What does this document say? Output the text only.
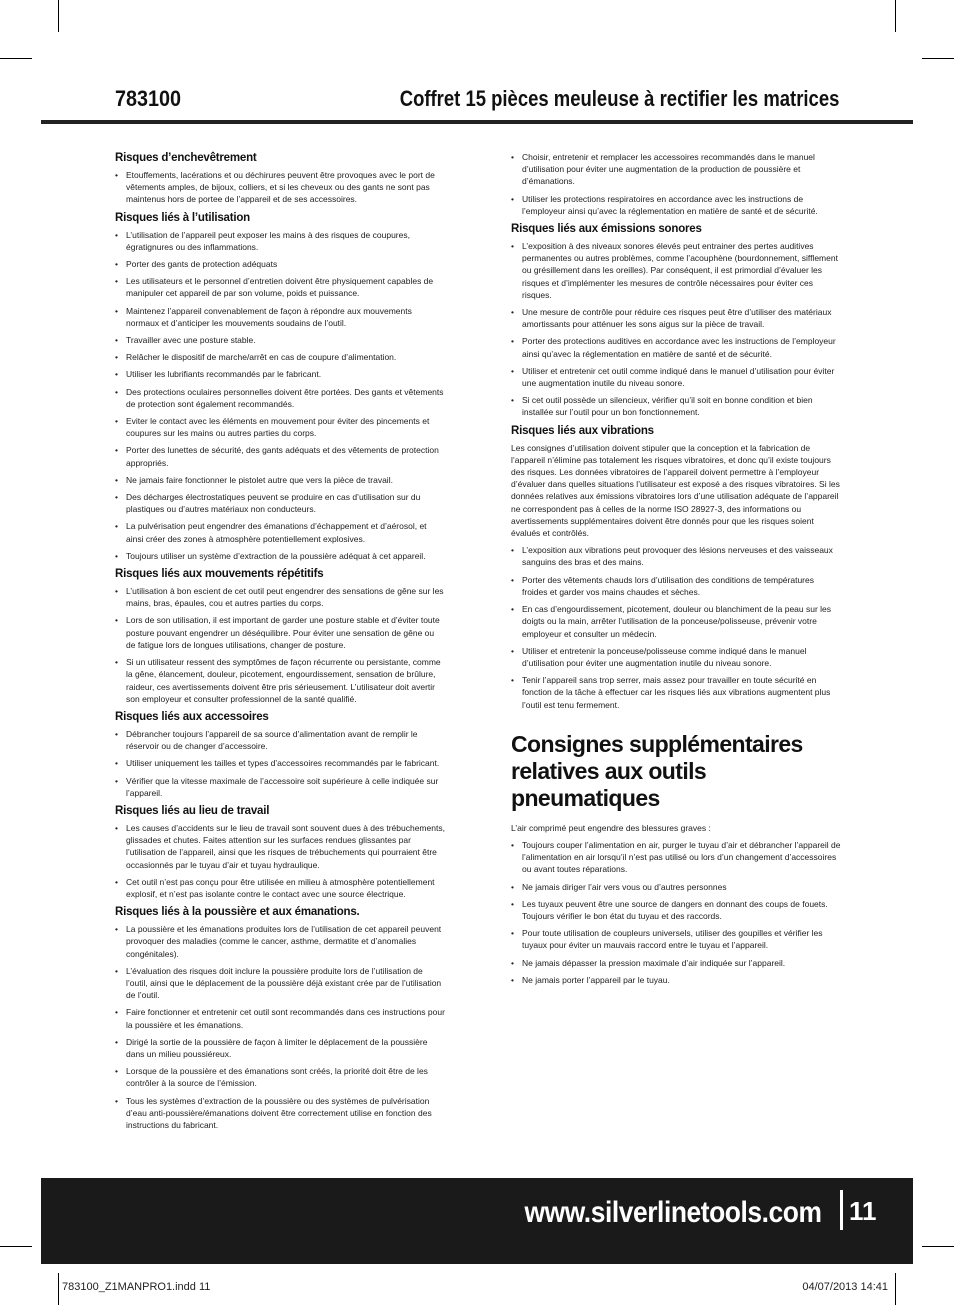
783100	Coffret 15 pièces meuleuse à rectifier les matrices
Risques d’enchevêtrement
• Etouffements, lacérations et ou déchirures peuvent être provoques avec le port de vêtements amples, de bijoux, colliers, et si les cheveux ou des gants ne sont pas maintenus hors de portee de l’appareil et de ses accessoires.
Risques liés à l’utilisation
• L’utilisation de l’appareil peut exposer les mains à des risques de coupures, égratignures ou des inflammations.
• Porter des gants de protection adéquats
• Les utilisateurs et le personnel d’entretien doivent être physiquement capables de manipuler cet appareil de par son volume, poids et puissance.
• Maintenez l’appareil convenablement de façon à répondre aux mouvements normaux et d’anticiper les mouvements soudains de l’outil.
• Travailler avec une posture stable.
• Relâcher le dispositif de marche/arrêt en cas de coupure d’alimentation.
• Utiliser les lubrifiants recommandés par le fabricant.
• Des protections oculaires personnelles doivent être portées. Des gants et vêtements de protection sont également recommandés.
• Eviter le contact avec les éléments en mouvement pour éviter des pincements et coupures sur les mains ou autres parties du corps.
• Porter des lunettes de sécurité, des gants adéquats et des vêtements de protection appropriés.
• Ne jamais faire fonctionner le pistolet autre que vers la pièce de travail.
• Des décharges électrostatiques peuvent se produire en cas d’utilisation sur du plastiques ou d’autres matériaux non conducteurs.
• La pulvérisation peut engendrer des émanations d’échappement et d’aérosol, et ainsi créer des zones à atmosphère potentiellement explosives.
• Toujours utiliser un système d’extraction de la poussière adéquat à cet appareil.
Risques liés aux mouvements répétitifs
• L’utilisation à bon escient de cet outil peut engendrer des sensations de gêne sur les mains, bras, épaules, cou et autres parties du corps.
• Lors de son utilisation, il est important de garder une posture stable et d’éviter toute posture pouvant engendrer un déséquilibre. Pour éviter une sensation de gêne ou de fatigue lors de longues utilisations, changer de posture.
• Si un utilisateur ressent des symptômes de façon récurrente ou persistante, comme la gêne, élancement, douleur, picotement, engourdissement, sensation de brûlure, raideur, ces avertissements doivent être pris sérieusement. L’utilisateur doit avertir son employeur et consulter professionnel de la santé qualifié.
Risques liés aux accessoires
• Débrancher toujours l’appareil de sa source d’alimentation avant de remplir le réservoir ou de changer d’accessoire.
• Utiliser uniquement les tailles et types d’accessoires recommandés par le fabricant.
• Vérifier que la vitesse maximale de l’accessoire soit supérieure à celle indiquée sur l’appareil.
Risques liés au lieu de travail
• Les causes d’accidents sur le lieu de travail sont souvent dues à des trébuchements, glissades et chutes. Faites attention sur les surfaces rendues glissantes par l’utilisation de l’appareil, ainsi que les risques de trébuchements qui pourraient être occasionnés par le tuyau d’air et tuyau hydraulique.
• Cet outil n’est pas conçu pour être utilisée en milieu à atmosphère potentiellement explosif, et n’est pas isolante contre le contact avec une source électrique.
Risques liés à la poussière et aux émanations.
• La poussière et les émanations produites lors de l’utilisation de cet appareil peuvent provoquer des maladies (comme le cancer, asthme, dermatite et d’anomalies congénitales).
• L’évaluation des risques doit inclure la poussière produite lors de l’utilisation de l’outil, ainsi que le déplacement de la poussière déjà existant crée par de l’utilisation de l’outil.
• Faire fonctionner et entretenir cet outil sont recommandés dans ces instructions pour la poussière et les émanations.
• Dirigé la sortie de la poussière de façon à limiter le déplacement de la poussière dans un milieu poussiéreux.
• Lorsque de la poussière et des émanations sont créés, la priorité doit être de les contrôler à la source de l’émission.
• Tous les systèmes d’extraction de la poussière ou des systèmes de pulvérisation d’eau anti-poussière/émanations doivent être correctement utilise en fonction des instructions du fabricant.
• Choisir, entretenir et remplacer les accessoires recommandés dans le manuel d’utilisation pour éviter une augmentation de la production de poussière et d’émanations.
• Utiliser les protections respiratoires en accordance avec les instructions de l’employeur ainsi qu’avec la réglementation en matière de santé et de sécurité.
Risques liés aux émissions sonores
• L’exposition à des niveaux sonores élevés peut entrainer des pertes auditives permanentes ou autres problèmes, comme l’acouphène (bourdonnement, sifflement ou grésillement dans les oreilles). Par conséquent, il est primordial d’évaluer les risques et d’implémenter les mesures de contrôle nécessaires pour éviter ces risques.
• Une mesure de contrôle pour réduire ces risques peut être d’utiliser des matériaux amortissants pour atténuer les sons aigus sur la pièce de travail.
• Porter des protections auditives en accordance avec les instructions de l’employeur ainsi qu’avec la réglementation en matière de santé et de sécurité.
• Utiliser et entretenir cet outil comme indiqué dans le manuel d’utilisation pour éviter une augmentation inutile du niveau sonore.
• Si cet outil possède un silencieux, vérifier qu’il soit en bonne condition et bien installée sur l’outil pour un bon fonctionnement.
Risques liés aux vibrations

Les consignes d’utilisation doivent stipuler que la conception et la fabrication de l’appareil n’élimine pas totalement les risques vibratoires, et donc qu’il existe toujours des risques. Les données vibratoires de l’appareil doivent permettre à l’employeur d’évaluer dans quelles situations l’utilisateur est exposé a des risques vibratoires. Si les données relatives aux émissions vibratoires lors d’une utilisation adéquate de l’appareil ne correspondent pas à celles de la norme ISO 28927-3, des informations ou avertissements supplémentaires doivent être donnés pour que les risques soient évalués et contrôlés.

• L’exposition aux vibrations peut provoquer des lésions nerveuses et des vaisseaux sanguins des bras et des mains.
• Porter des vêtements chauds lors d’utilisation des conditions de températures froides et garder vos mains chaudes et sèches.
• En cas d’engourdissement, picotement, douleur ou blanchiment de la peau sur les doigts ou la main, arrêter l’utilisation de la ponceuse/polisseuse, prévenir votre employeur et consulter un médecin.
• Utiliser et entretenir la ponceuse/polisseuse comme indiqué dans le manuel d’utilisation pour éviter une augmentation inutile du niveau sonore.
• Tenir l’appareil sans trop serrer, mais assez pour travailler en toute sécurité en fonction de la tâche à effectuer car les risques liés aux vibrations augmentent plus l’outil est tenu fermement.
Consignes supplémentaires
relatives aux outils pneumatiques

L’air comprimé peut engendre des blessures graves :

• Toujours couper l’alimentation en air, purger le tuyau d’air et débrancher l’appareil de l’alimentation en air lorsqu’il n’est pas utilisé ou lors d’un changement d’accessoires ou avant toutes réparations.
• Ne jamais diriger l’air vers vous ou d’autres personnes
• Les tuyaux peuvent être une source de dangers en donnant des coups de fouets. Toujours vérifier le bon état du tuyau et des raccords.
• Pour toute utilisation de coupleurs universels, utiliser des goupilles et vérifier les tuyaux pour éviter un mauvais raccord entre le tuyau et l’appareil.
• Ne jamais dépasser la pression maximale d’air indiquée sur l’appareil.
• Ne jamais porter l’appareil par le tuyau.
www.silverlinetools.com 11
783100_Z1MANPRO1.indd 11	04/07/2013 14:41
